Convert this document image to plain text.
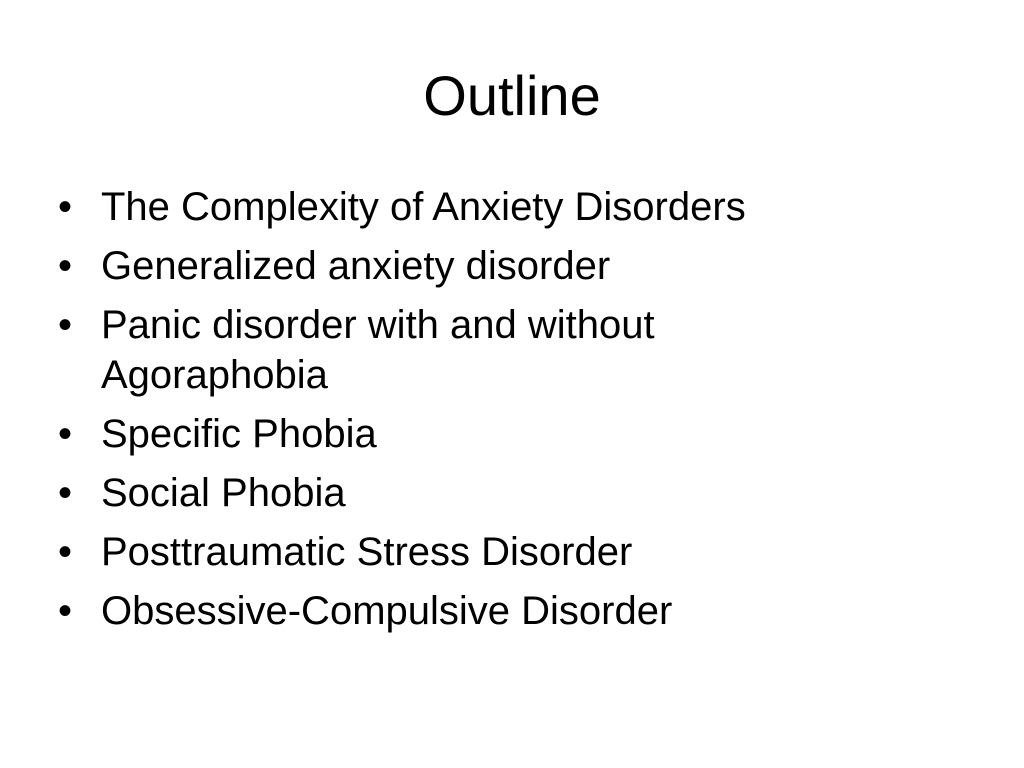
Outline
• The Complexity of Anxiety Disorders
• Generalized anxiety disorder
• Panic disorder with and without Agoraphobia
• Specific Phobia
• Social Phobia
• Posttraumatic Stress Disorder
• Obsessive-Compulsive Disorder
